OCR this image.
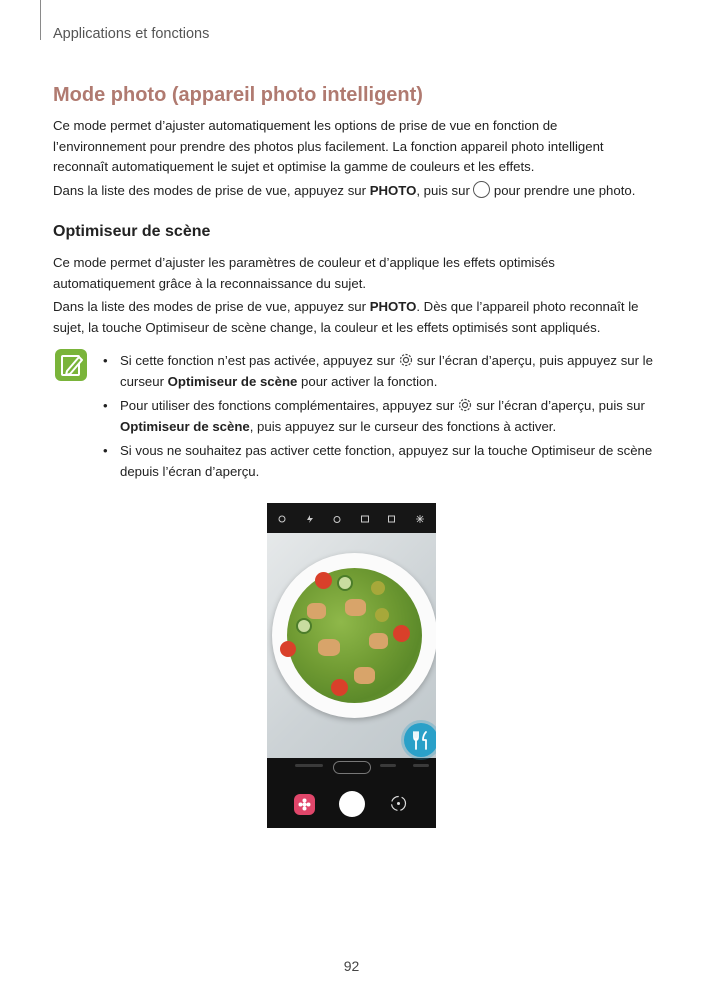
Applications et fonctions
Mode photo (appareil photo intelligent)
Ce mode permet d’ajuster automatiquement les options de prise de vue en fonction de l’environnement pour prendre des photos plus facilement. La fonction appareil photo intelligent reconnaît automatiquement le sujet et optimise la gamme de couleurs et les effets.
Dans la liste des modes de prise de vue, appuyez sur PHOTO, puis sur pour prendre une photo.
Optimiseur de scène
Ce mode permet d’ajuster les paramètres de couleur et d’applique les effets optimisés automatiquement grâce à la reconnaissance du sujet.
Dans la liste des modes de prise de vue, appuyez sur PHOTO. Dès que l’appareil photo reconnaît le sujet, la touche Optimiseur de scène change, la couleur et les effets optimisés sont appliqués.
• Si cette fonction n’est pas activée, appuyez sur sur l’écran d’aperçu, puis appuyez sur le curseur Optimiseur de scène pour activer la fonction.
• Pour utiliser des fonctions complémentaires, appuyez sur sur l’écran d’aperçu, puis sur Optimiseur de scène, puis appuyez sur le curseur des fonctions à activer.
• Si vous ne souhaitez pas activer cette fonction, appuyez sur la touche Optimiseur de scène depuis l’écran d’aperçu.
92
